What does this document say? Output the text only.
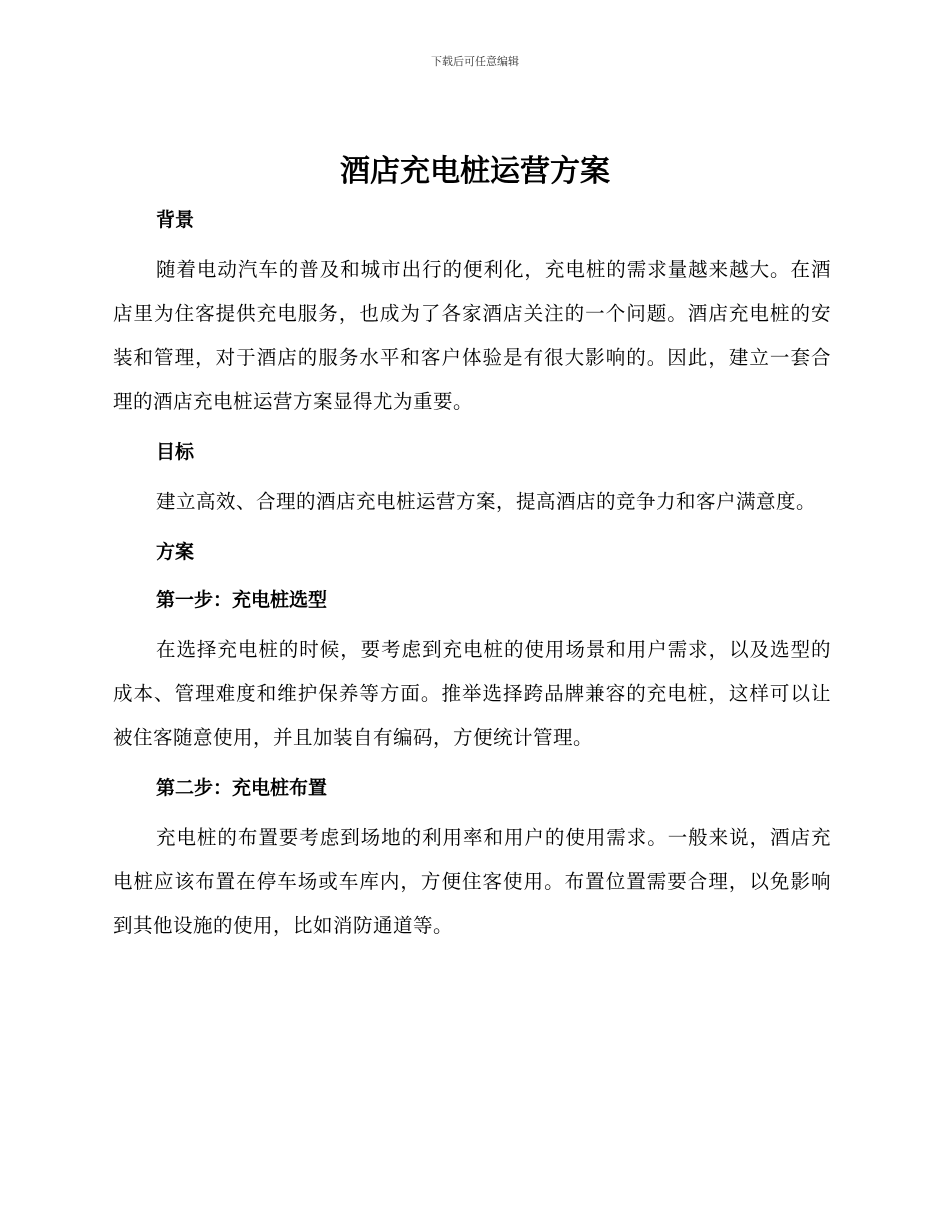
下载后可任意编辑
酒店充电桩运营方案
背景

随着电动汽车的普及和城市出行的便利化，充电桩的需求量越来越大。在酒店里为住客提供充电服务，也成为了各家酒店关注的一个问题。酒店充电桩的安装和管理，对于酒店的服务水平和客户体验是有很大影响的。因此，建立一套合理的酒店充电桩运营方案显得尤为重要。

目标

建立高效、合理的酒店充电桩运营方案，提高酒店的竞争力和客户满意度。

方案
第一步：充电桩选型

在选择充电桩的时候，要考虑到充电桩的使用场景和用户需求，以及选型的成本、管理难度和维护保养等方面。推举选择跨品牌兼容的充电桩，这样可以让被住客随意使用，并且加装自有编码，方便统计管理。

第二步：充电桩布置

充电桩的布置要考虑到场地的利用率和用户的使用需求。一般来说，酒店充电桩应该布置在停车场或车库内，方便住客使用。布置位置需要合理，以免影响到其他设施的使用，比如消防通道等。
